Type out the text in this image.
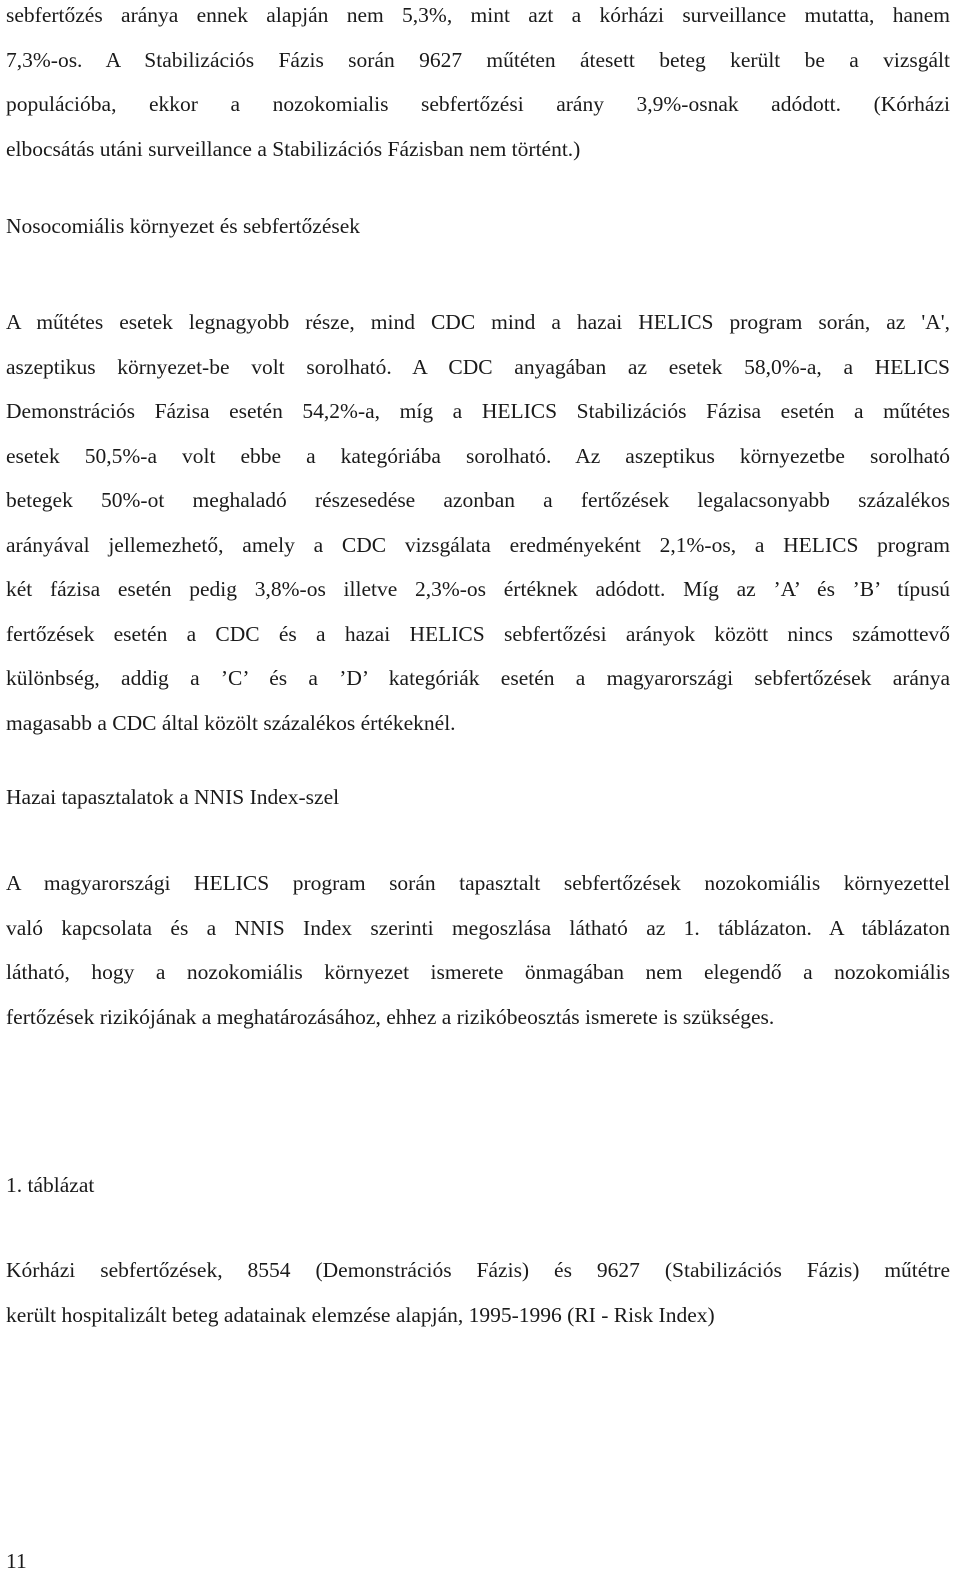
sebfertőzés aránya ennek alapján nem 5,3%, mint azt a kórházi surveillance mutatta, hanem
7,3%-os. A Stabilizációs Fázis során 9627 műtéten átesett beteg került be a vizsgált
populációba, ekkor a nozokomialis sebfertőzési arány 3,9%-osnak adódott. (Kórházi
elbocsátás utáni surveillance a Stabilizációs Fázisban nem történt.)
Nosocomiális környezet és sebfertőzések
A műtétes esetek legnagyobb része, mind CDC mind a hazai HELICS program során, az 'A',
aszeptikus környezet-be volt sorolható. A CDC anyagában az esetek 58,0%-a, a HELICS
Demonstrációs Fázisa esetén 54,2%-a, míg a HELICS Stabilizációs Fázisa esetén a műtétes
esetek 50,5%-a volt ebbe a kategóriába sorolható. Az aszeptikus környezetbe sorolható
betegek 50%-ot meghaladó részesedése azonban a fertőzések legalacsonyabb százalékos
arányával jellemezhető, amely a CDC vizsgálata eredményeként 2,1%-os, a HELICS program
két fázisa esetén pedig 3,8%-os illetve 2,3%-os értéknek adódott. Míg az ’A’ és ’B’ típusú
fertőzések esetén a CDC és a hazai HELICS sebfertőzési arányok között nincs számottevő
különbség, addig a ’C’ és a ’D’ kategóriák esetén a magyarországi sebfertőzések aránya
magasabb a CDC által közölt százalékos értékeknél.
Hazai tapasztalatok a NNIS Index-szel
A magyarországi HELICS program során tapasztalt sebfertőzések nozokomiális környezettel
való kapcsolata és a NNIS Index szerinti megoszlása látható az 1. táblázaton. A táblázaton
látható, hogy a nozokomiális környezet ismerete önmagában nem elegendő a nozokomiális
fertőzések rizikójának a meghatározásához, ehhez a rizikóbeosztás ismerete is szükséges.
1. táblázat
Kórházi sebfertőzések, 8554 (Demonstrációs Fázis) és 9627 (Stabilizációs Fázis) műtétre
került hospitalizált beteg adatainak elemzése alapján, 1995-1996 (RI - Risk Index)
11
